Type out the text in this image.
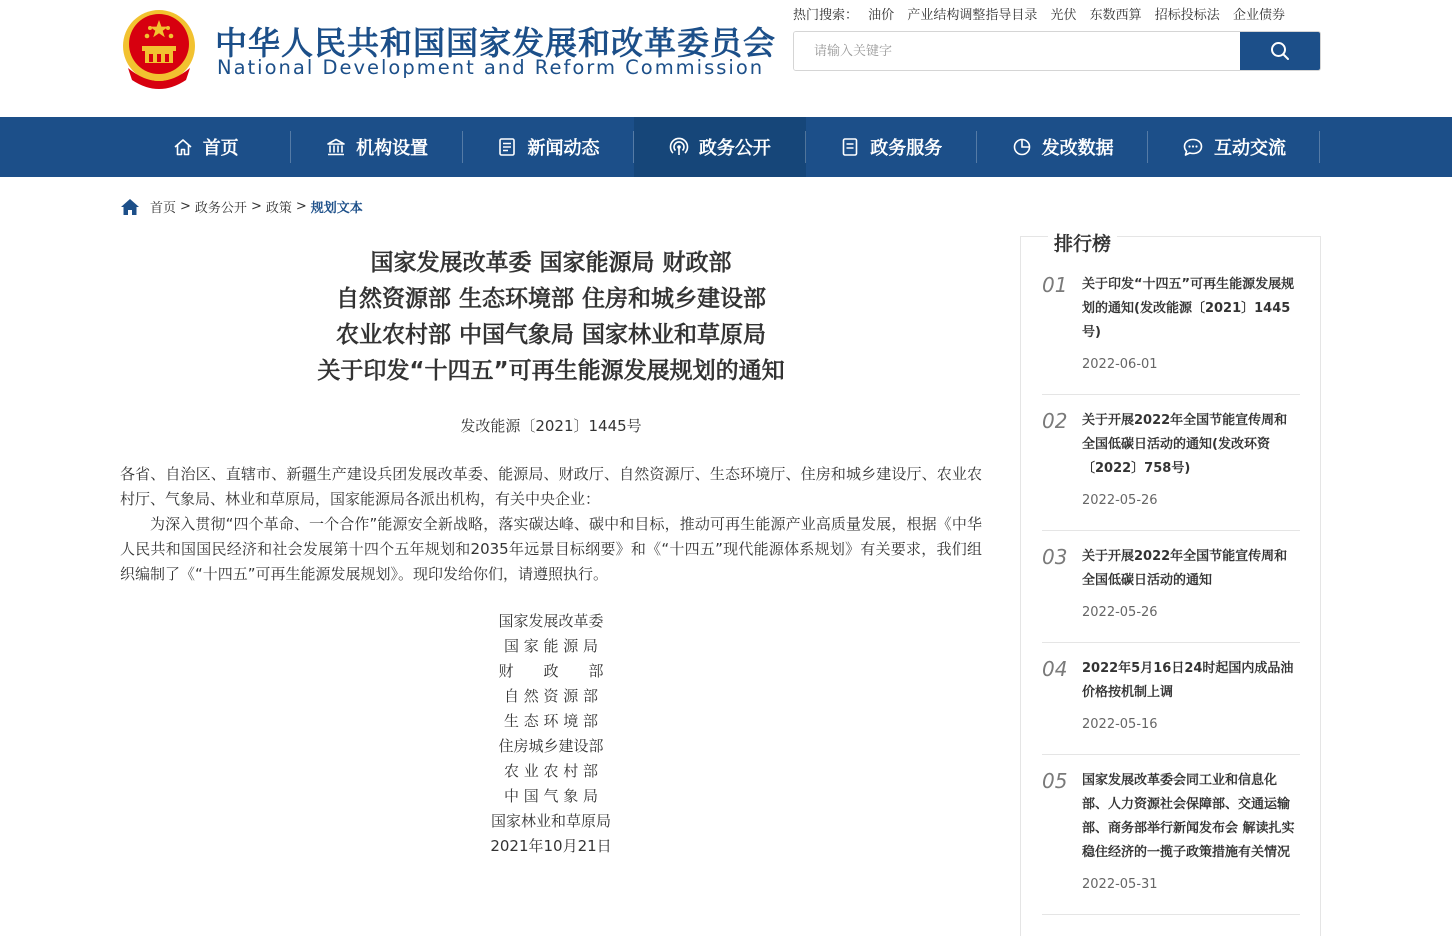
中华人民共和国国家发展和改革委员会
National Development and Reform Commission
热门搜索： 油价 产业结构调整指导目录 光伏 东数西算 招标投标法 企业债券
请输入关键字
首页	机构设置	新闻动态	政务公开	政务服务	发改数据	互动交流
首页 > 政务公开 > 政策 > 规划文本
国家发展改革委 国家能源局 财政部
自然资源部 生态环境部 住房和城乡建设部
农业农村部 中国气象局 国家林业和草原局
关于印发“十四五”可再生能源发展规划的通知
发改能源〔2021〕1445号

各省、自治区、直辖市、新疆生产建设兵团发展改革委、能源局、财政厅、自然资源厅、生态环境厅、住房和城乡建设厅、农业农村厅、气象局、林业和草原局，国家能源局各派出机构，有关中央企业：

为深入贯彻“四个革命、一个合作”能源安全新战略，落实碳达峰、碳中和目标，推动可再生能源产业高质量发展，根据《中华人民共和国国民经济和社会发展第十四个五年规划和2035年远景目标纲要》和《“十四五”现代能源体系规划》有关要求，我们组织编制了《“十四五”可再生能源发展规划》。现印发给你们，请遵照执行。

国家发展改革委
国 家 能 源 局
财　　政　　部
自 然 资 源 部
生 态 环 境 部
住房城乡建设部
农 业 农 村 部
中 国 气 象 局
国家林业和草原局
2021年10月21日
排行榜
01 关于印发“十四五”可再生能源发展规划的通知(发改能源〔2021〕1445号)
2022-06-01
02 关于开展2022年全国节能宣传周和全国低碳日活动的通知(发改环资〔2022〕758号)
2022-05-26
03 关于开展2022年全国节能宣传周和全国低碳日活动的通知
2022-05-26
04 2022年5月16日24时起国内成品油价格按机制上调
2022-05-16
05 国家发展改革委会同工业和信息化部、人力资源社会保障部、交通运输部、商务部举行新闻发布会 解读扎实稳住经济的一揽子政策措施有关情况
2022-05-31
